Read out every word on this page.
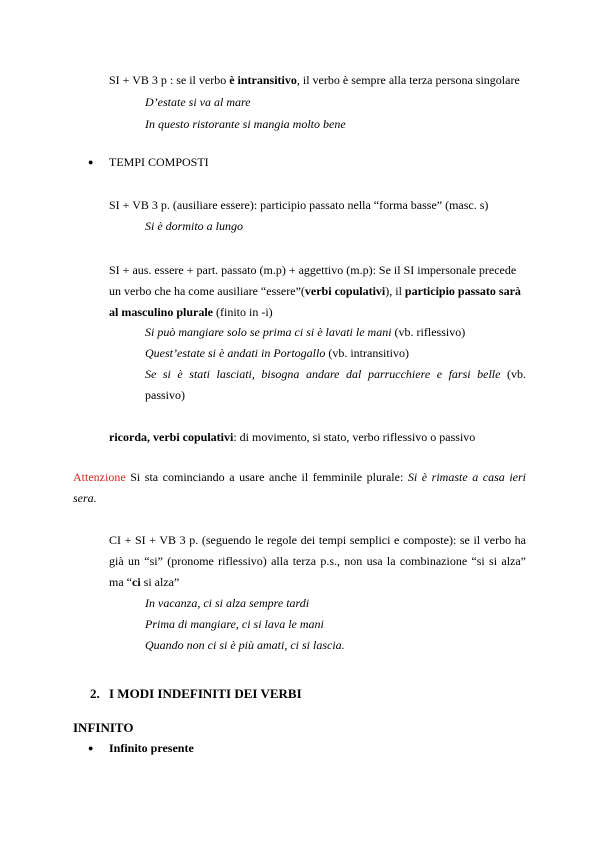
SI + VB 3 p : se il verbo è intransitivo, il verbo è sempre alla terza persona singolare
D’estate si va al mare
In questo ristorante si mangia molto bene
● TEMPI COMPOSTI
SI + VB 3 p. (ausiliare essere): participio passato nella “forma basse” (masc. s)
Si è dormito a lungo
SI + aus. essere + part. passato (m.p) + aggettivo (m.p): Se il SI impersonale precede
un verbo che ha come ausiliare “essere”(verbi copulativi), il participio passato sarà
al masculino plurale (finito in -i)
Si può mangiare solo se prima ci si è lavati le mani (vb. riflessivo)
Quest’estate si è andati in Portogallo (vb. intransitivo)
Se si è stati lasciati, bisogna andare dal parrucchiere e farsi belle (vb.
passivo)
ricorda, verbi copulativi: di movimento, si stato, verbo riflessivo o passivo
Attenzione Si sta cominciando a usare anche il femminile plurale: Si è rimaste a casa ieri
sera.
CI + SI + VB 3 p. (seguendo le regole dei tempi semplici e composte): se il verbo ha
già un “si” (pronome riflessivo) alla terza p.s., non usa la combinazione “si si alza”
ma “ci si alza”
In vacanza, ci si alza sempre tardi
Prima di mangiare, ci si lava le mani
Quando non ci si è più amati, ci si lascia.
2. I MODI INDEFINITI DEI VERBI
INFINITO
● Infinito presente
